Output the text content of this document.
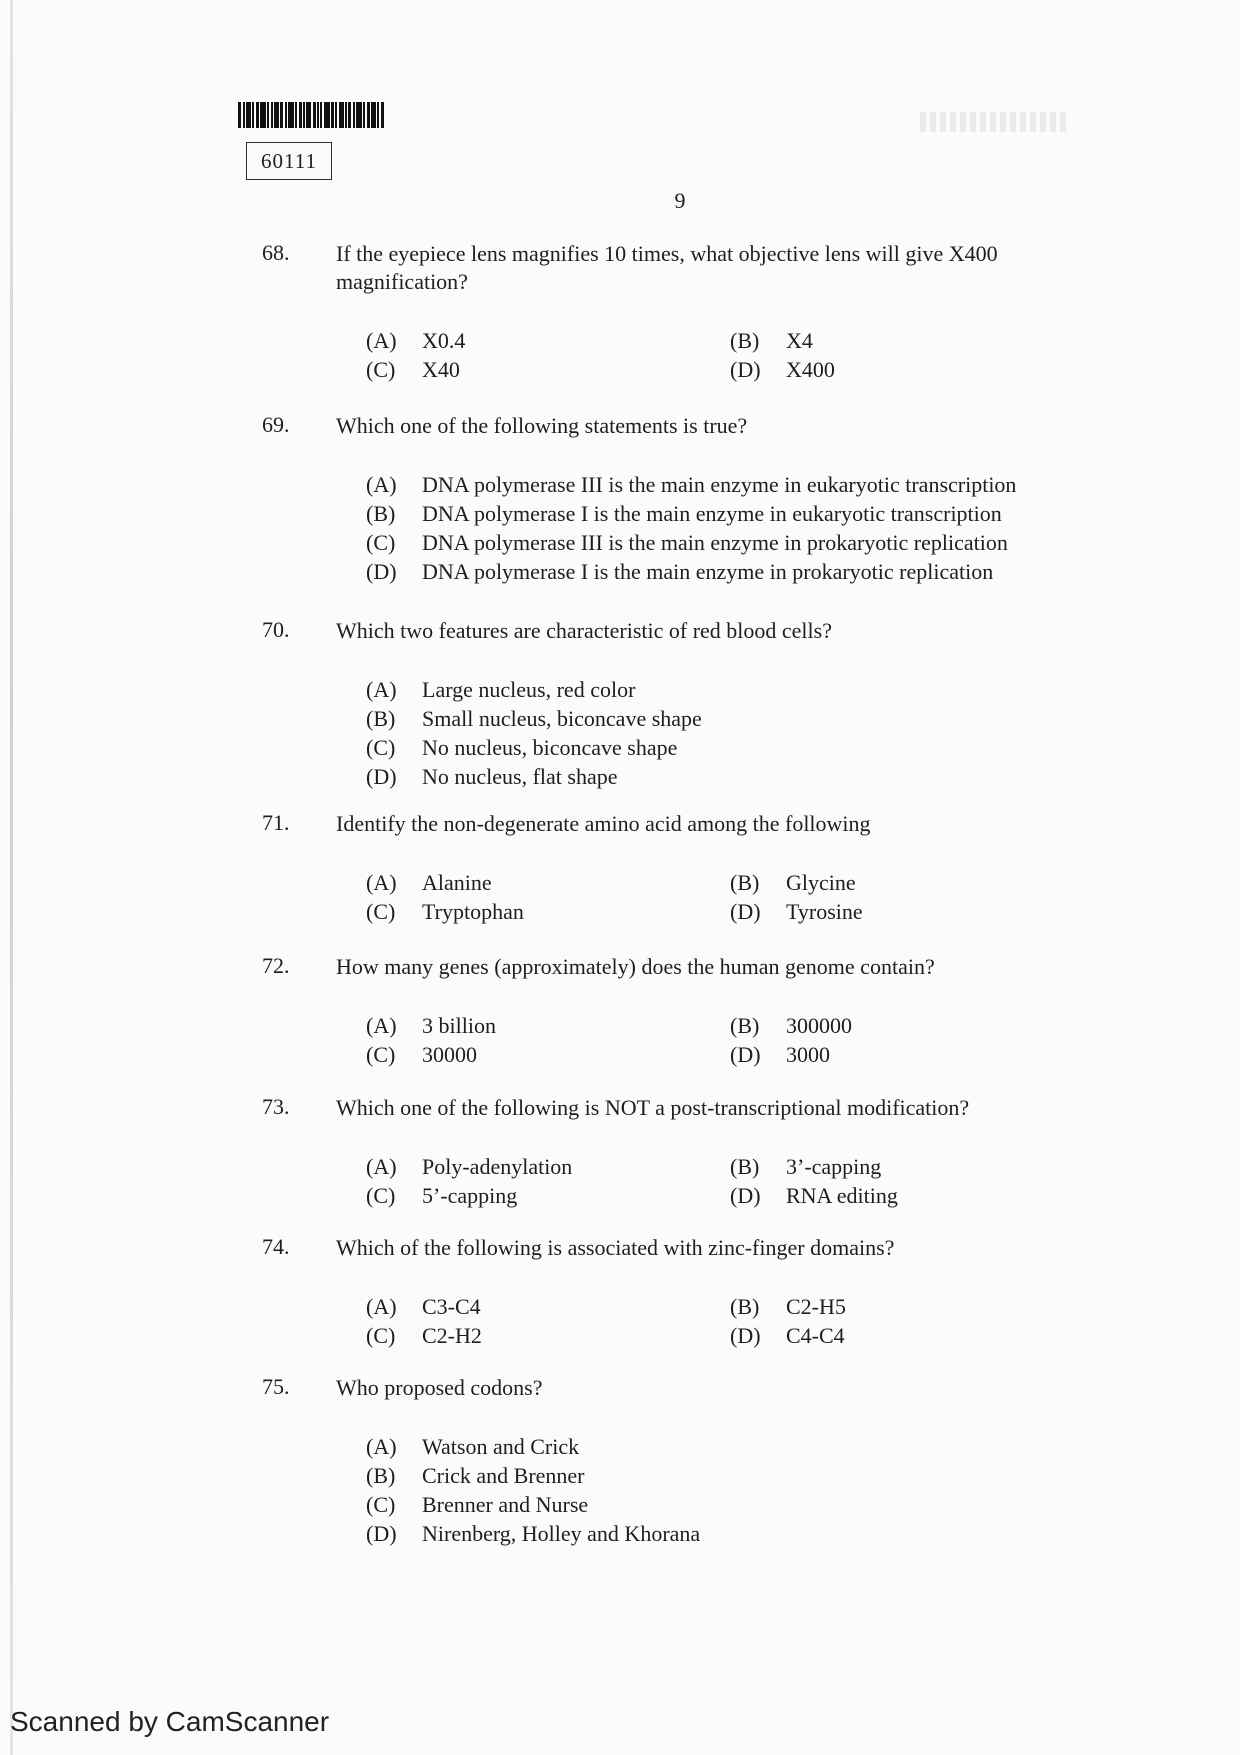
60111
9
68. If the eyepiece lens magnifies 10 times, what objective lens will give X400
magnification?
(A)	X0.4	(B)	X4
(C)	X40	(D)	X400
69. Which one of the following statements is true?
(A)	DNA polymerase III is the main enzyme in eukaryotic transcription
(B)	DNA polymerase I is the main enzyme in eukaryotic transcription
(C)	DNA polymerase III is the main enzyme in prokaryotic replication
(D)	DNA polymerase I is the main enzyme in prokaryotic replication
70. Which two features are characteristic of red blood cells?
(A)	Large nucleus, red color
(B)	Small nucleus, biconcave shape
(C)	No nucleus, biconcave shape
(D)	No nucleus, flat shape
71. Identify the non-degenerate amino acid among the following
(A)	Alanine	(B)	Glycine
(C)	Tryptophan	(D)	Tyrosine
72. How many genes (approximately) does the human genome contain?
(A)	3 billion	(B)	300000
(C)	30000	(D)	3000
73. Which one of the following is NOT a post-transcriptional modification?
(A)	Poly-adenylation	(B)	3’-capping
(C)	5’-capping	(D)	RNA editing
74. Which of the following is associated with zinc-finger domains?
(A)	C3-C4	(B)	C2-H5
(C)	C2-H2	(D)	C4-C4
75. Who proposed codons?
(A)	Watson and Crick
(B)	Crick and Brenner
(C)	Brenner and Nurse
(D)	Nirenberg, Holley and Khorana
Scanned by CamScanner
